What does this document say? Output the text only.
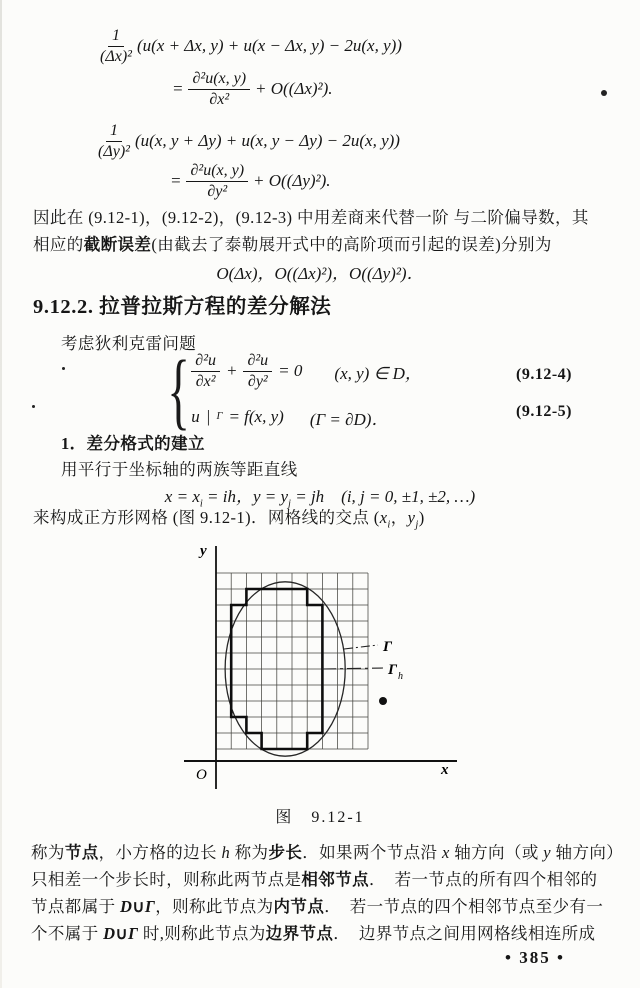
$\frac{1}{\text{(Δx)²}} (u(x + \Delta x$, y) + u(x − Δx, y) − 2u(x, y))
= $\frac{\text{∂²u(x, y)}}{\text{∂x²}} + O((\Delta x)^2)$.
$\frac{1}{\text{(Δy)²}} (u(x$, y + Δy) + u(x, y − Δy) − 2u(x, y))
= $\frac{\text{∂²u(x, y)}}{\text{∂y²}} + O((\Delta y)^2)$.
因此在 (9.12-1)，(9.12-2)，(9.12-3) 中用差商来代替一阶 与二阶偏导数，其
相应的截断误差(由截去了泰勒展开式中的高阶项而引起的误差)分别为
O(Δx)，O((Δx)²)，O((Δy)²)．
9.12.2. 拉普拉斯方程的差分解法
考虑狄利克雷问题
{ $\frac{\text{∂²u}}{\text{∂x²}} + \frac{\text{∂²u}}{\text{∂y²}} = 0$ (x, y) ∈ D，
u | Γ = f(x, y) (Γ = ∂D)．
(9.12-4)
(9.12-5)
1．差分格式的建立
用平行于坐标轴的两族等距直线
$x = x_i$ = ih，$y = y_j$ = jh　(i, j = 0, ±1, ±2, …)
来构成正方形网格 (图 9.12-1)．网格线的交点 ($x_i$，$y_j$)
y
x
O
Γ
Γ h
图　9.12-1
称为节点，小方格的边长 h 称为步长．如果两个节点沿 x 轴方向（或 y 轴方向）
只相差一个步长时，则称此两节点是相邻节点．　若一节点的所有四个相邻的
节点都属于 D∪Γ，则称此节点为内节点．　若一节点的四个相邻节点至少有一
个不属于 D∪Γ 时,则称此节点为边界节点．　边界节点之间用网格线相连所成
• 385 •
